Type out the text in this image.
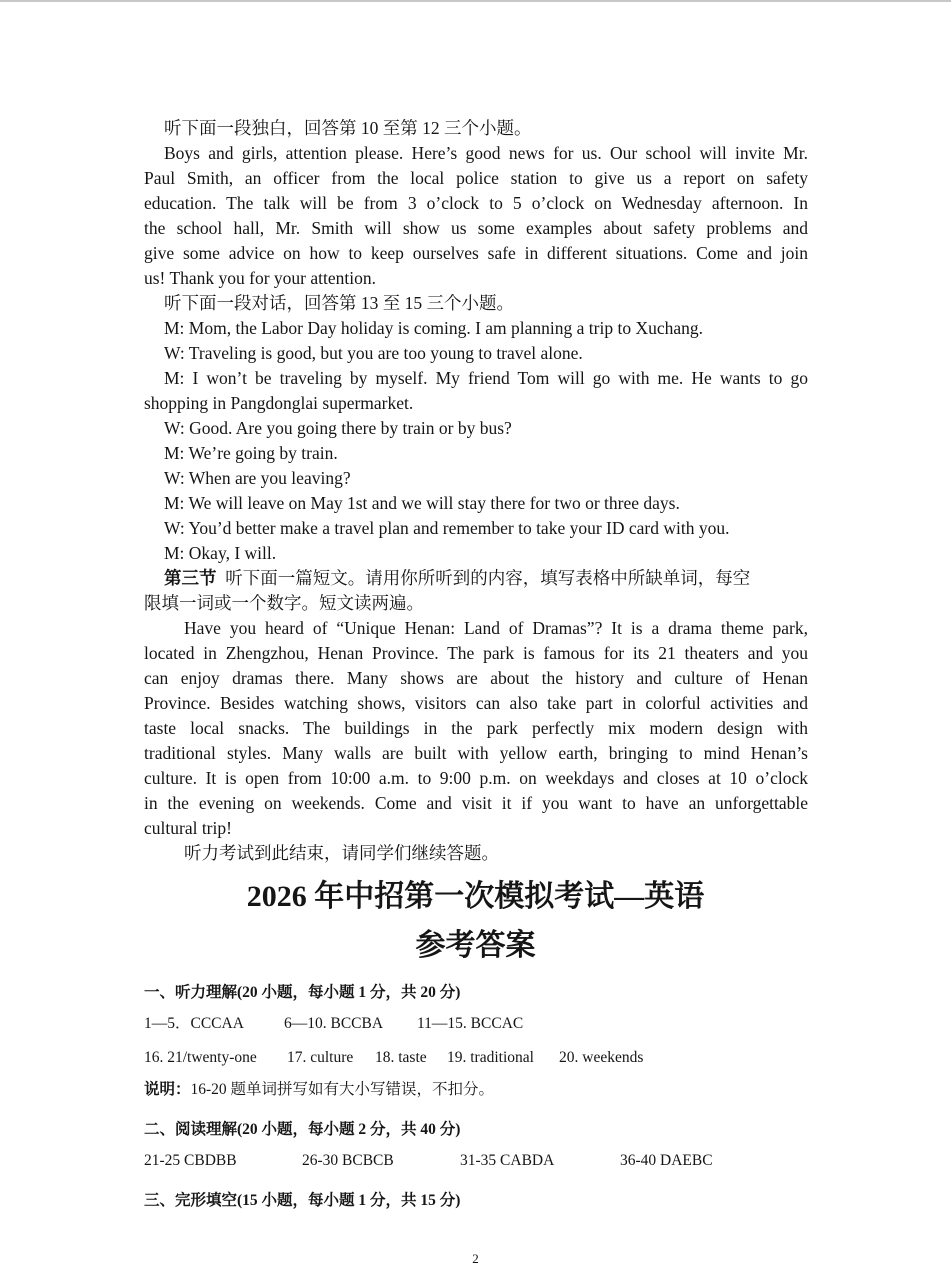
听下面一段独白，回答第 10 至第 12 三个小题。
Boys and girls, attention please. Here’s good news for us. Our school will invite Mr.
Paul Smith, an officer from the local police station to give us a report on safety
education. The talk will be from 3 o’clock to 5 o’clock on Wednesday afternoon. In
the school hall, Mr. Smith will show us some examples about safety problems and
give some advice on how to keep ourselves safe in different situations. Come and join
us! Thank you for your attention.
听下面一段对话，回答第 13 至 15 三个小题。
M: Mom, the Labor Day holiday is coming. I am planning a trip to Xuchang.
W: Traveling is good, but you are too young to travel alone.
M: I won’t be traveling by myself. My friend Tom will go with me. He wants to go
shopping in Pangdonglai supermarket.
W: Good. Are you going there by train or by bus?
M: We’re going by train.
W: When are you leaving?
M: We will leave on May 1st and we will stay there for two or three days.
W: You’d better make a travel plan and remember to take your ID card with you.
M: Okay, I will.
第三节 听下面一篇短文。请用你所听到的内容，填写表格中所缺单词，每空
限填一词或一个数字。短文读两遍。
Have you heard of “Unique Henan: Land of Dramas”? It is a drama theme park,
located in Zhengzhou, Henan Province. The park is famous for its 21 theaters and you
can enjoy dramas there. Many shows are about the history and culture of Henan
Province. Besides watching shows, visitors can also take part in colorful activities and
taste local snacks. The buildings in the park perfectly mix modern design with
traditional styles. Many walls are built with yellow earth, bringing to mind Henan’s
culture. It is open from 10:00 a.m. to 9:00 p.m. on weekdays and closes at 10 o’clock
in the evening on weekends. Come and visit it if you want to have an unforgettable
cultural trip!
听力考试到此结束，请同学们继续答题。
2026 年中招第一次模拟考试—英语
参考答案
一、听力理解(20 小题，每小题 1 分，共 20 分)
1—5．CCCAA	6—10. BCCBA 11—15. BCCAC
16. 21/twenty-one 17. culture 18. taste 19. traditional 20. weekends
说明：16-20 题单词拼写如有大小写错误，不扣分。
二、阅读理解(20 小题，每小题 2 分，共 40 分)
21-25 CBDBB	26-30 BCBCB	31-35 CABDA	36-40 DAEBC
三、完形填空(15 小题，每小题 1 分，共 15 分)
2
